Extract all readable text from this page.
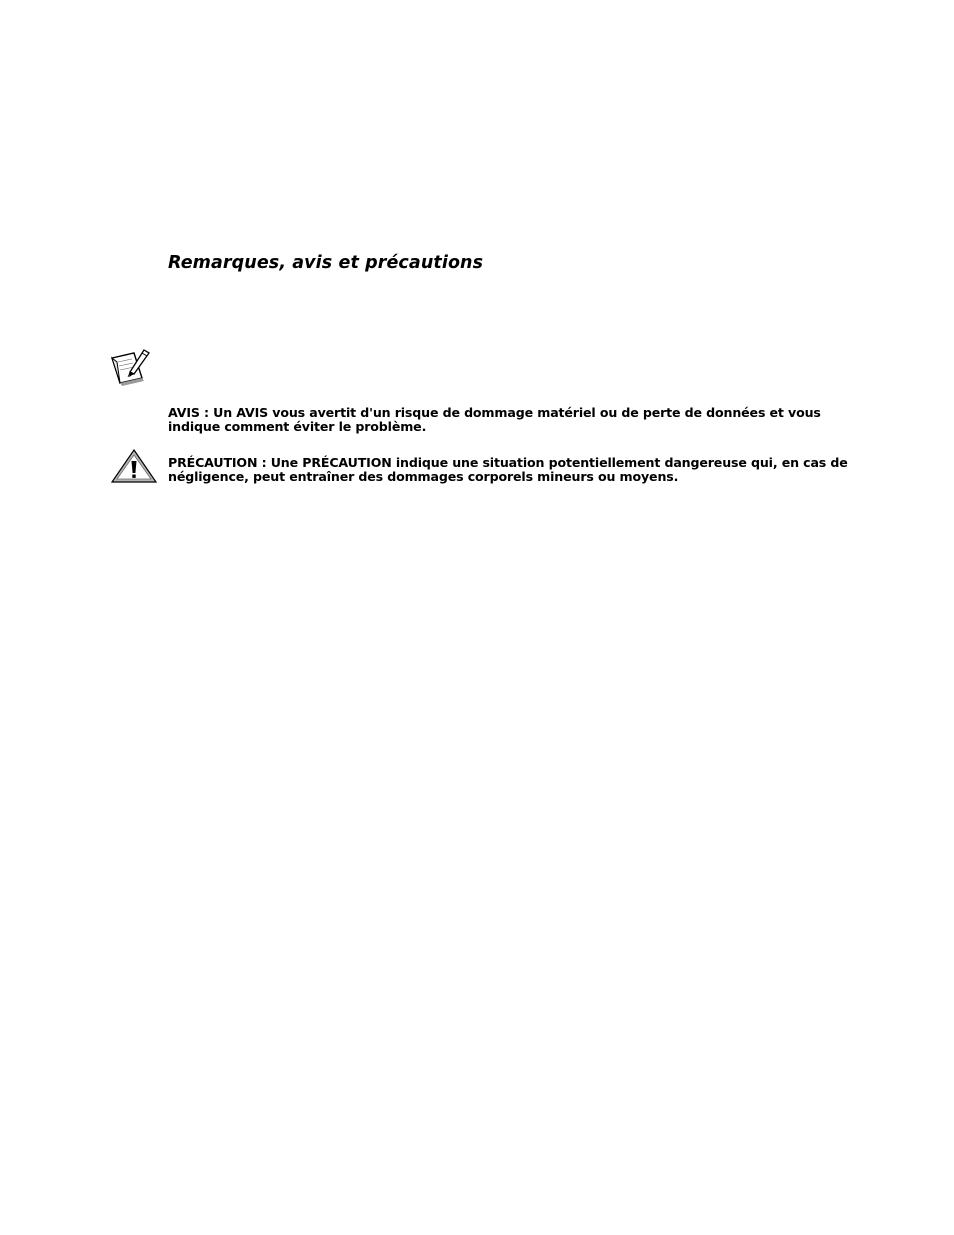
Remarques, avis et précautions
AVIS : Un AVIS vous avertit d'un risque de dommage matériel ou de perte de données et vous indique comment éviter le problème.
PRÉCAUTION : Une PRÉCAUTION indique une situation potentiellement dangereuse qui, en cas de négligence, peut entraîner des dommages corporels mineurs ou moyens.
